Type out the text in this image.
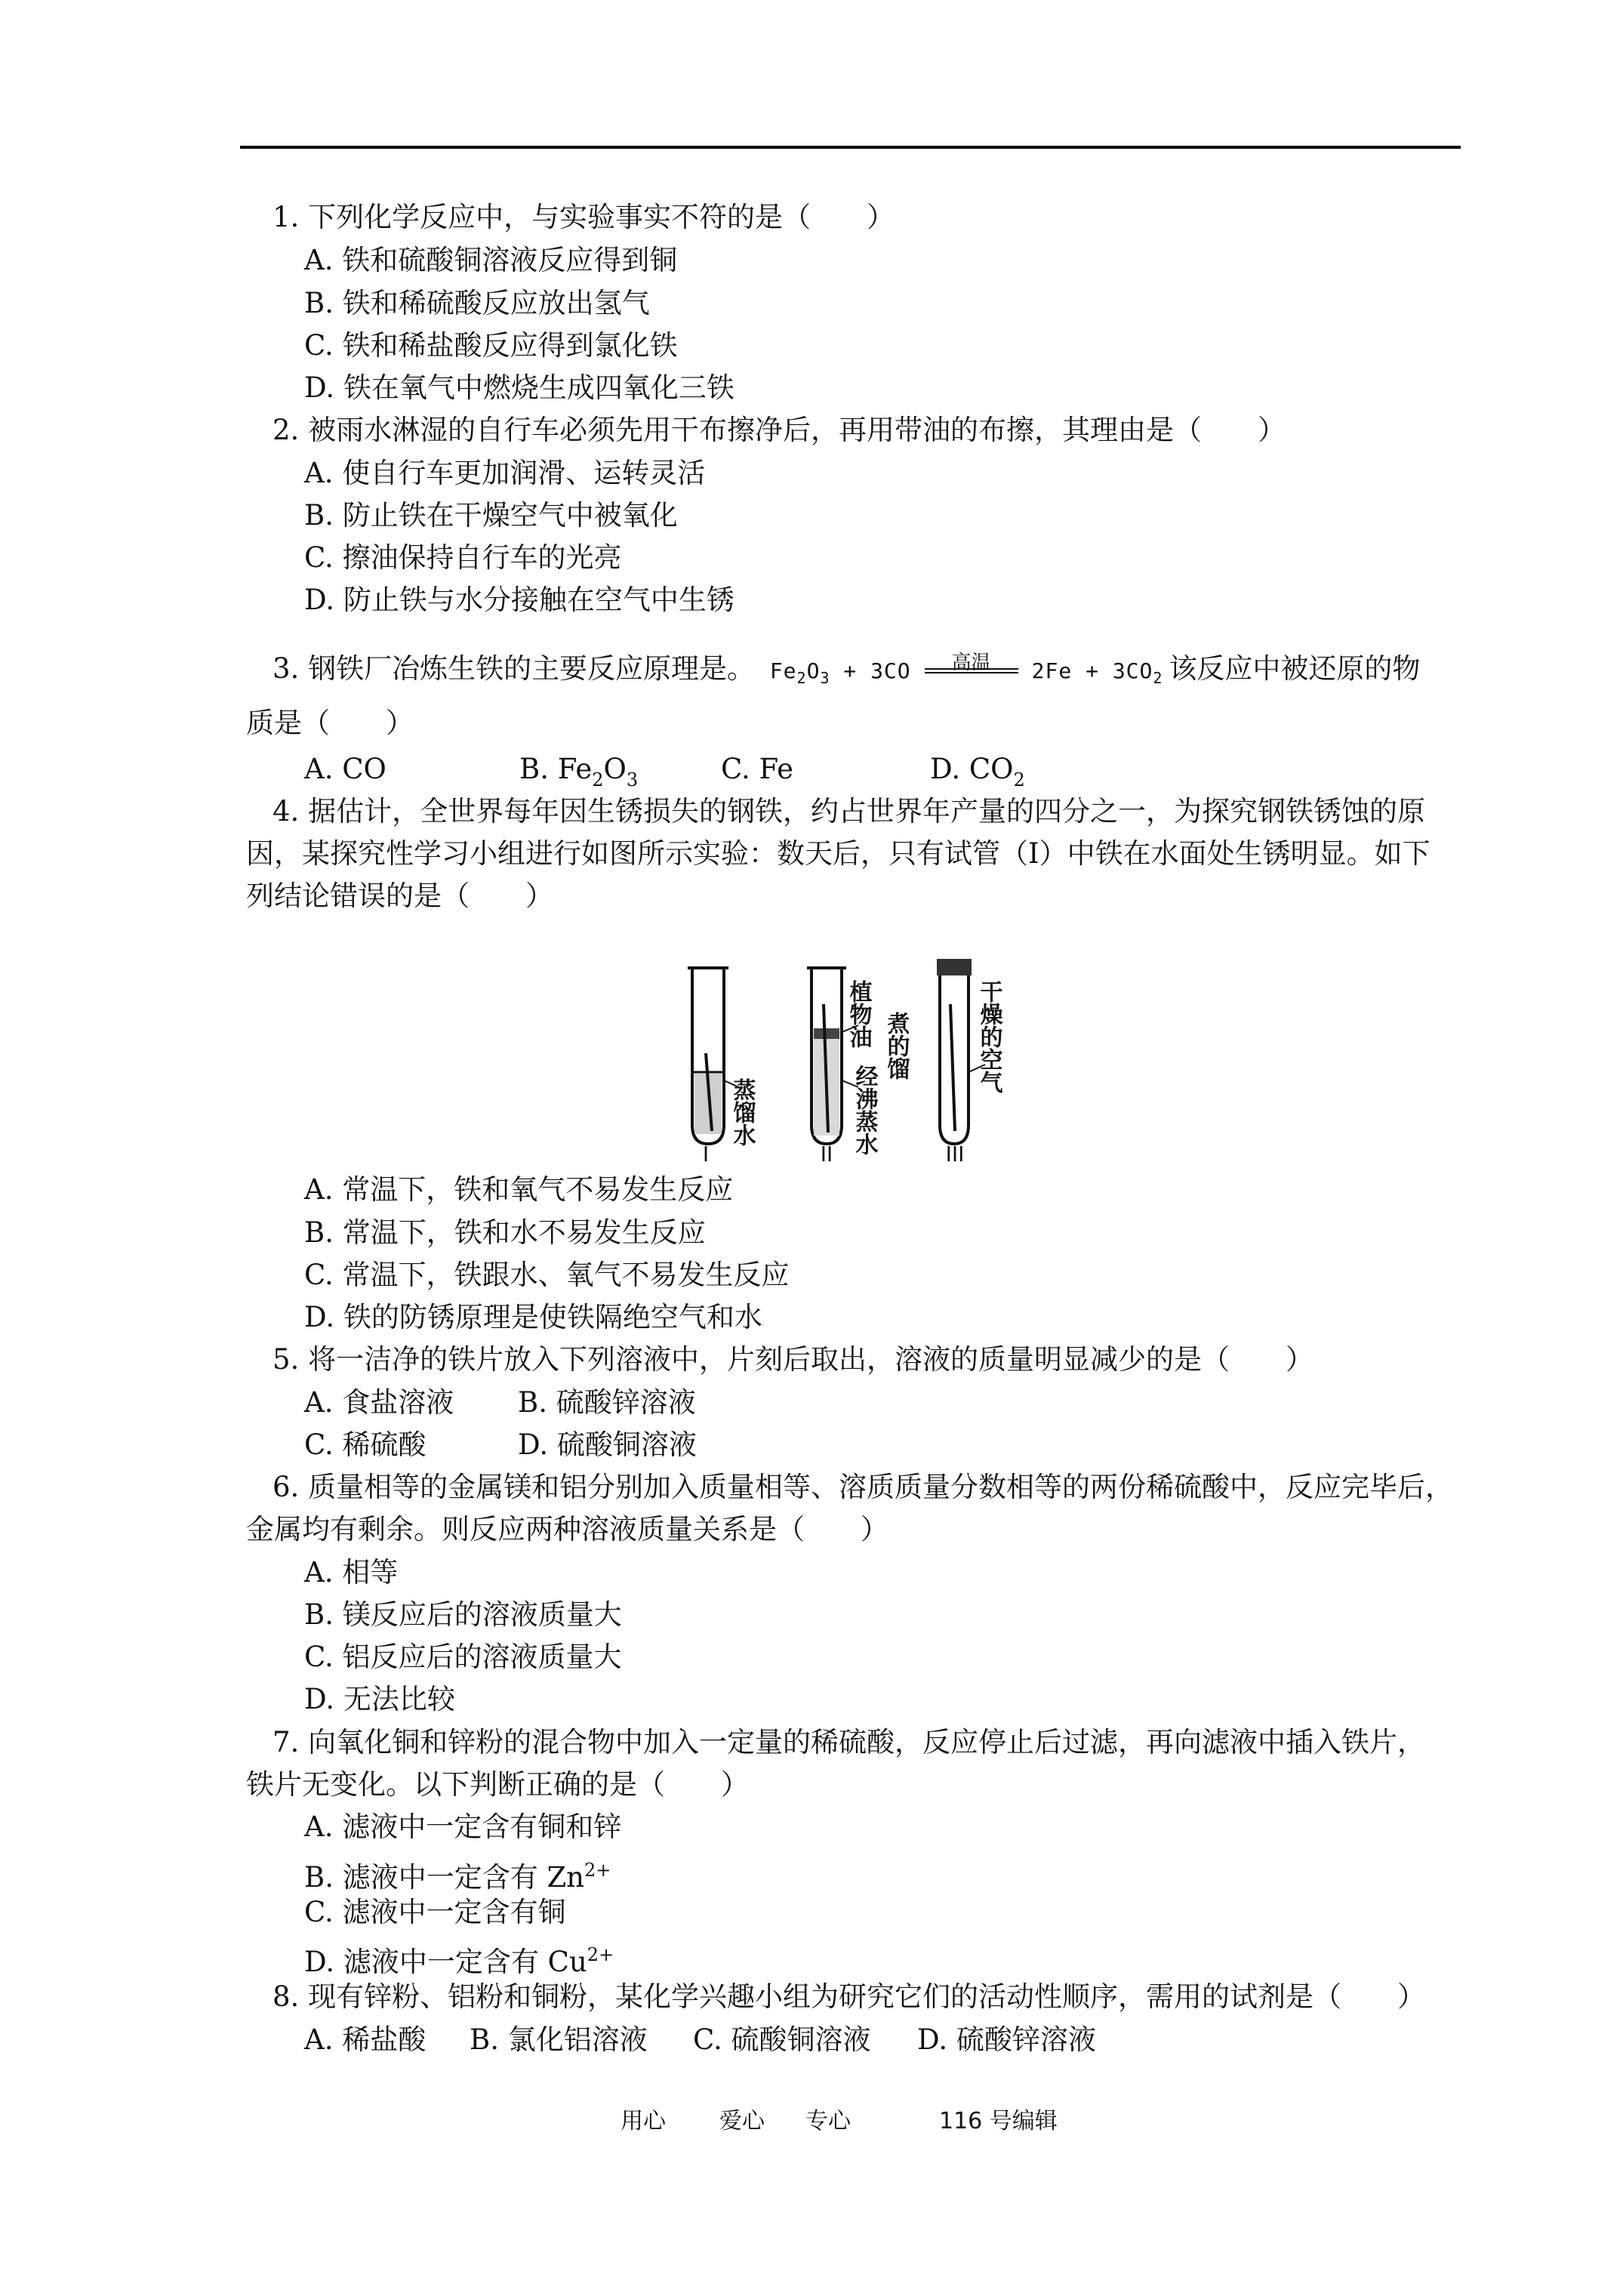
1. 下列化学反应中，与实验事实不符的是（　　）
A. 铁和硫酸铜溶液反应得到铜
B. 铁和稀硫酸反应放出氢气
C. 铁和稀盐酸反应得到氯化铁
D. 铁在氧气中燃烧生成四氧化三铁
2. 被雨水淋湿的自行车必须先用干布擦净后，再用带油的布擦，其理由是（　　）
A. 使自行车更加润滑、运转灵活
B. 防止铁在干燥空气中被氧化
C. 擦油保持自行车的光亮
D. 防止铁与水分接触在空气中生锈
3. 钢铁厂冶炼生铁的主要反应原理是。 $Fe_2O_3 + 3CO$	高温	$2Fe + 3CO_2$ 该反应中被还原的物
质是（　　）
A. CO	B. $Fe_2O_3$	C. Fe	D. $CO_2$
4. 据估计，全世界每年因生锈损失的钢铁，约占世界年产量的四分之一，为探究钢铁锈蚀的原
因，某探究性学习小组进行如图所示实验：数天后，只有试管（I）中铁在水面处生锈明显。如下
列结论错误的是（　　）
蒸馏水
I
植物油
经沸蒸水
煮的馏
II
干燥的空气
III
A. 常温下，铁和氧气不易发生反应
B. 常温下，铁和水不易发生反应
C. 常温下，铁跟水、氧气不易发生反应
D. 铁的防锈原理是使铁隔绝空气和水
5. 将一洁净的铁片放入下列溶液中，片刻后取出，溶液的质量明显减少的是（　　）
A. 食盐溶液 B. 硫酸锌溶液
C. 稀硫酸	D. 硫酸铜溶液
6. 质量相等的金属镁和铝分别加入质量相等、溶质质量分数相等的两份稀硫酸中，反应完毕后，
金属均有剩余。则反应两种溶液质量关系是（　　）
A. 相等
B. 镁反应后的溶液质量大
C. 铝反应后的溶液质量大
D. 无法比较
7. 向氧化铜和锌粉的混合物中加入一定量的稀硫酸，反应停止后过滤，再向滤液中插入铁片，
铁片无变化。以下判断正确的是（　　）
A. 滤液中一定含有铜和锌
B. 滤液中一定含有 $Zn^{2+}$
C. 滤液中一定含有铜
D. 滤液中一定含有 $Cu^{2+}$
8. 现有锌粉、铝粉和铜粉，某化学兴趣小组为研究它们的活动性顺序，需用的试剂是（　　）
A. 稀盐酸 B. 氯化铝溶液 C. 硫酸铜溶液 D. 硫酸锌溶液
用心 爱心 专心	116 号编辑
